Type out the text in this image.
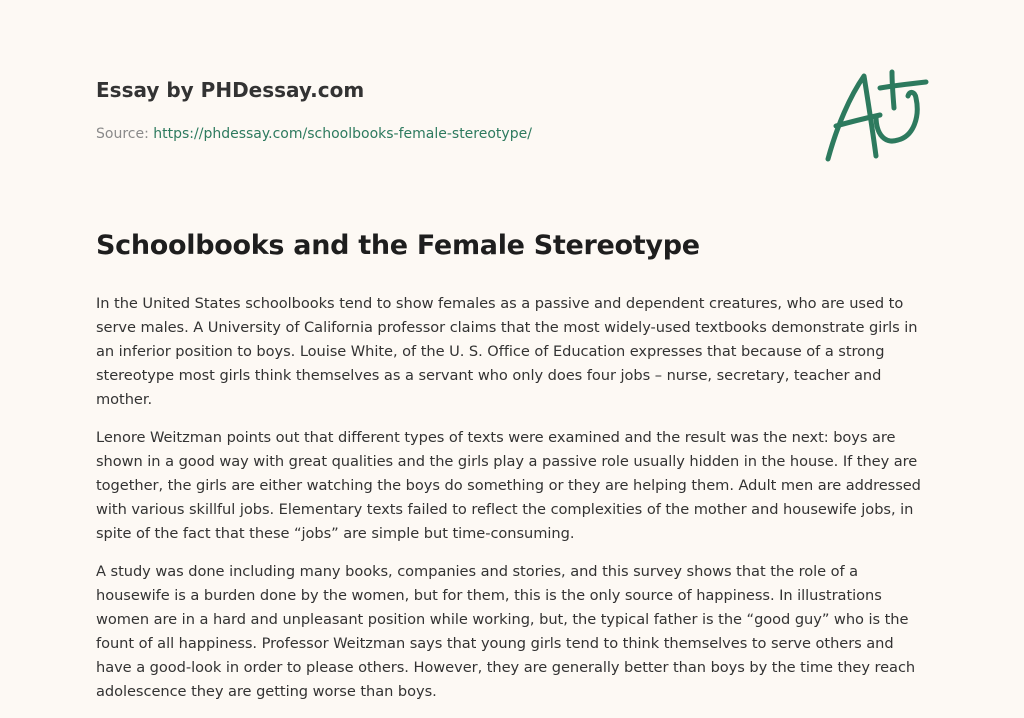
Essay by PHDessay.com
Source: https://phdessay.com/schoolbooks-female-stereotype/
Schoolbooks and the Female Stereotype

In the United States schoolbooks tend to show females as a passive and dependent creatures, who are used to serve males. A University of California professor claims that the most widely-used textbooks demonstrate girls in an inferior position to boys. Louise White, of the U. S. Office of Education expresses that because of a strong stereotype most girls think themselves as a servant who only does four jobs – nurse, secretary, teacher and mother.

Lenore Weitzman points out that different types of texts were examined and the result was the next: boys are shown in a good way with great qualities and the girls play a passive role usually hidden in the house. If they are together, the girls are either watching the boys do something or they are helping them. Adult men are addressed with various skillful jobs. Elementary texts failed to reflect the complexities of the mother and housewife jobs, in spite of the fact that these “jobs” are simple but time-consuming.

A study was done including many books, companies and stories, and this survey shows that the role of a housewife is a burden done by the women, but for them, this is the only source of happiness. In illustrations women are in a hard and unpleasant position while working, but, the typical father is the “good guy” who is the fount of all happiness. Professor Weitzman says that young girls tend to think themselves to serve others and have a good-look in order to please others. However, they are generally better than boys by the time they reach adolescence they are getting worse than boys.
